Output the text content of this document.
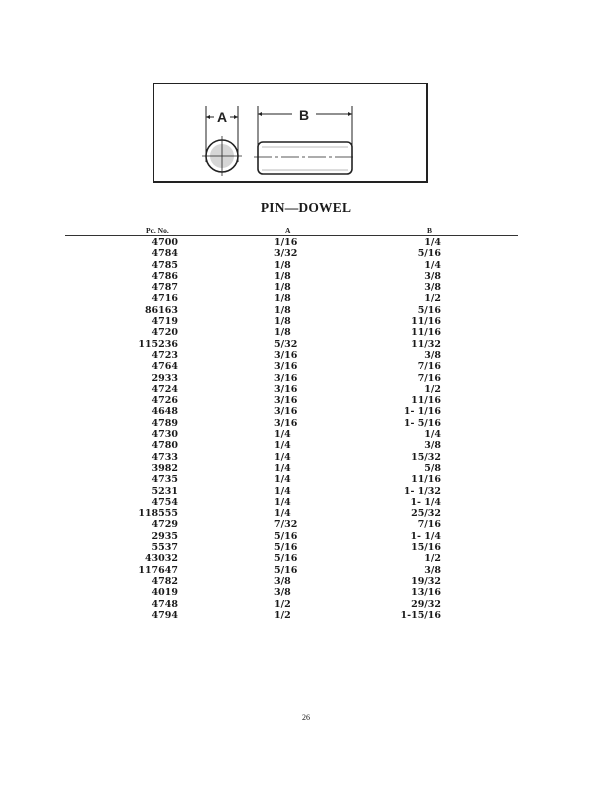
A	B
PIN—DOWEL
Pc. No.	A	B
4700	1/16	1/4
4784	3/32	5/16
4785	1/8	1/4
4786	1/8	3/8
4787	1/8	3/8
4716	1/8	1/2
86163	1/8	5/16
4719	1/8	11/16
4720	1/8	11/16
115236	5/32	11/32
4723	3/16	3/8
4764	3/16	7/16
2933	3/16	7/16
4724	3/16	1/2
4726	3/16	11/16
4648	3/16	1- 1/16
4789	3/16	1- 5/16
4730	1/4	1/4
4780	1/4	3/8
4733	1/4	15/32
3982	1/4	5/8
4735	1/4	11/16
5231	1/4	1- 1/32
4754	1/4	1- 1/4
118555	1/4	25/32
4729	7/32	7/16
2935	5/16	1- 1/4
5537	5/16	15/16
43032	5/16	1/2
117647	5/16	3/8
4782	3/8	19/32
4019	3/8	13/16
4748	1/2	29/32
4794	1/2	1-15/16
26
